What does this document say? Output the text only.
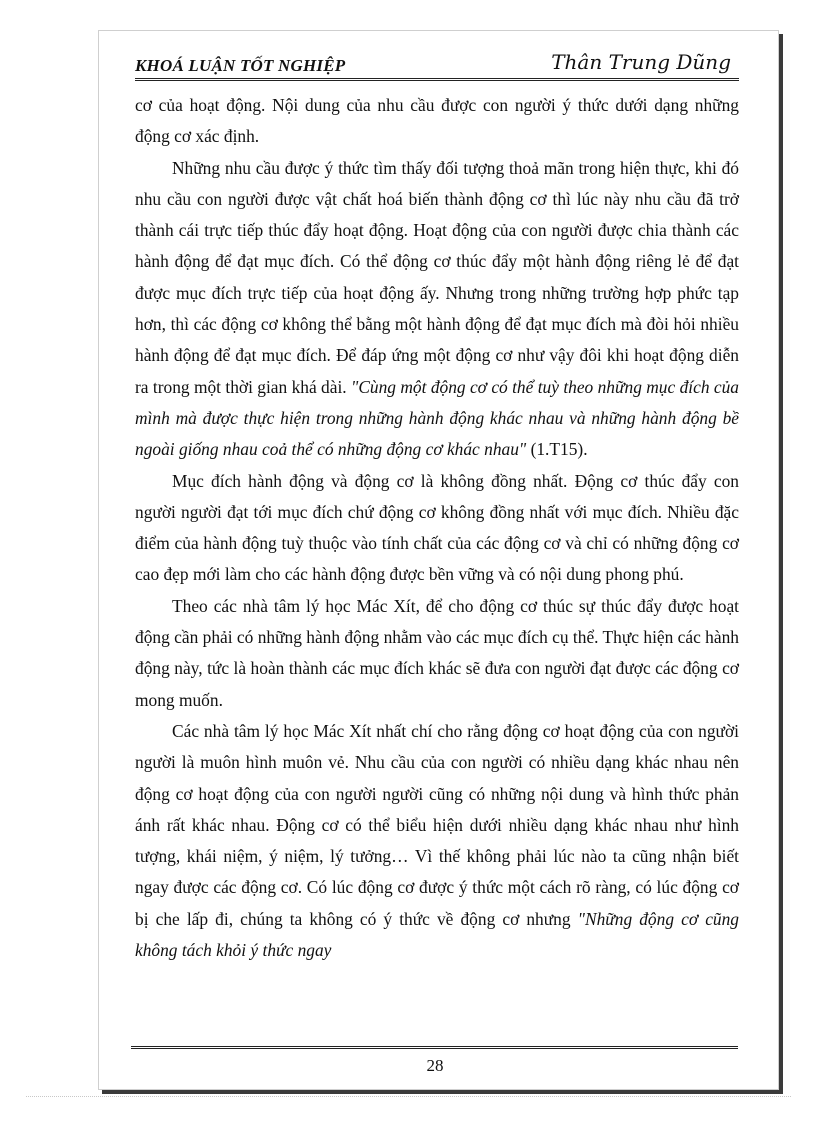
KHOÁ LUẬN TỐT NGHIỆP	Thân Trung Dũng

cơ của hoạt động. Nội dung của nhu cầu được con người ý thức dưới dạng những động cơ xác định.

Những nhu cầu được ý thức tìm thấy đối tượng thoả mãn trong hiện thực, khi đó nhu cầu con người được vật chất hoá biến thành động cơ thì lúc này nhu cầu đã trở thành cái trực tiếp thúc đẩy hoạt động. Hoạt động của con người được chia thành các hành động để đạt mục đích. Có thể động cơ thúc đẩy một hành động riêng lẻ để đạt được mục đích trực tiếp của hoạt động ấy. Nhưng trong những trường hợp phức tạp hơn, thì các động cơ không thể bằng một hành động để đạt mục đích mà đòi hỏi nhiều hành động để đạt mục đích. Để đáp ứng một động cơ như vậy đôi khi hoạt động diễn ra trong một thời gian khá dài. "Cùng một động cơ có thể tuỳ theo những mục đích của mình mà được thực hiện trong những hành động khác nhau và những hành động bề ngoài giống nhau coả thể có những động cơ khác nhau" (1.T15).

Mục đích hành động và động cơ là không đồng nhất. Động cơ thúc đẩy con người người đạt tới mục đích chứ động cơ không đồng nhất với mục đích. Nhiều đặc điểm của hành động tuỳ thuộc vào tính chất của các động cơ và chỉ có những động cơ cao đẹp mới làm cho các hành động được bền vững và có nội dung phong phú.

Theo các nhà tâm lý học Mác Xít, để cho động cơ thúc sự thúc đẩy được hoạt động cần phải có những hành động nhằm vào các mục đích cụ thể. Thực hiện các hành động này, tức là hoàn thành các mục đích khác sẽ đưa con người đạt được các động cơ mong muốn.

Các nhà tâm lý học Mác Xít nhất chí cho rằng động cơ hoạt động của con người người là muôn hình muôn vẻ. Nhu cầu của con người có nhiều dạng khác nhau nên động cơ hoạt động của con người người cũng có những nội dung và hình thức phản ánh rất khác nhau. Động cơ có thể biểu hiện dưới nhiều dạng khác nhau như hình tượng, khái niệm, ý niệm, lý tưởng… Vì thế không phải lúc nào ta cũng nhận biết ngay được các động cơ. Có lúc động cơ được ý thức một cách rõ ràng, có lúc động cơ bị che lấp đi, chúng ta không có ý thức về động cơ nhưng "Những động cơ cũng không tách khỏi ý thức ngay

28
